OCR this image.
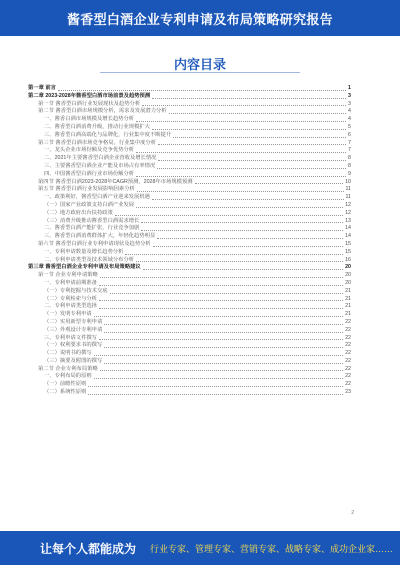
酱香型白酒企业专利申请及布局策略研究报告
内容目录
第一章 前言	1
第二章 2023-2028年酱香型白酒市场前景及趋势预测	3
第一节 酱香型白酒行业发展现状及趋势分析	3
第二节 酱香型白酒市场规模分析，需求及发展潜力分析	4
一、酱香白酒市场规模及增长趋势分析	4
二、酱香型白酒消费升级，推动行业规模扩大	5
三、酱香型白酒高端化与品牌化，行业集中度不断提升	6
第三节 酱香型白酒市场竞争格局，行业集中度分析	7
一、龙头企业市场份额及竞争优势分析	7
二、2021年主要酱香型白酒企业营收及增长情况	8
三、主要酱香型白酒企业产能及市场占有率情况	8
四、中国酱香型白酒行业市场份额分析	9
第四节 酱香型白酒2023-2028年CAGR预测，2028年市场规模预测	10
第五节 酱香型白酒行业发展影响因素分析	11
一、政策利好，酱香型白酒产业迎来发展机遇	11
（一）国家产业政策支持白酒产业发展	12
（二）地方政府出台扶持政策	12
（三）消费升级推动酱香型白酒需求增长	13
二、酱香型白酒产能扩张，行业竞争加剧	14
三、酱香型白酒消费群体扩大，年轻化趋势明显	14
第六节 酱香型白酒行业专利申请现状及趋势分析	15
一、专利申请数量及增长趋势分析	15
二、专利申请类型及技术领域分布分析	16
第三章 酱香型白酒企业专利申请及布局策略建议	20
第一节 企业专利申请策略	20
一、专利申请前期准备	20
（一）专利挖掘与技术交底	21
（二）专利检索与分析	21
二、专利申请类型选择	21
（一）发明专利申请	21
（二）实用新型专利申请	22
（三）外观设计专利申请	22
三、专利申请文件撰写	22
（一）权利要求书的撰写	22
（二）说明书的撰写	22
（三）摘要及附图的撰写	22
第二节 企业专利布局策略	22
一、专利布局的原则	22
（一）前瞻性原则	22
（二）系统性原则	23
2
让每个人都能成为 行业专家、管理专家、营销专家、战略专家、成功企业家……
